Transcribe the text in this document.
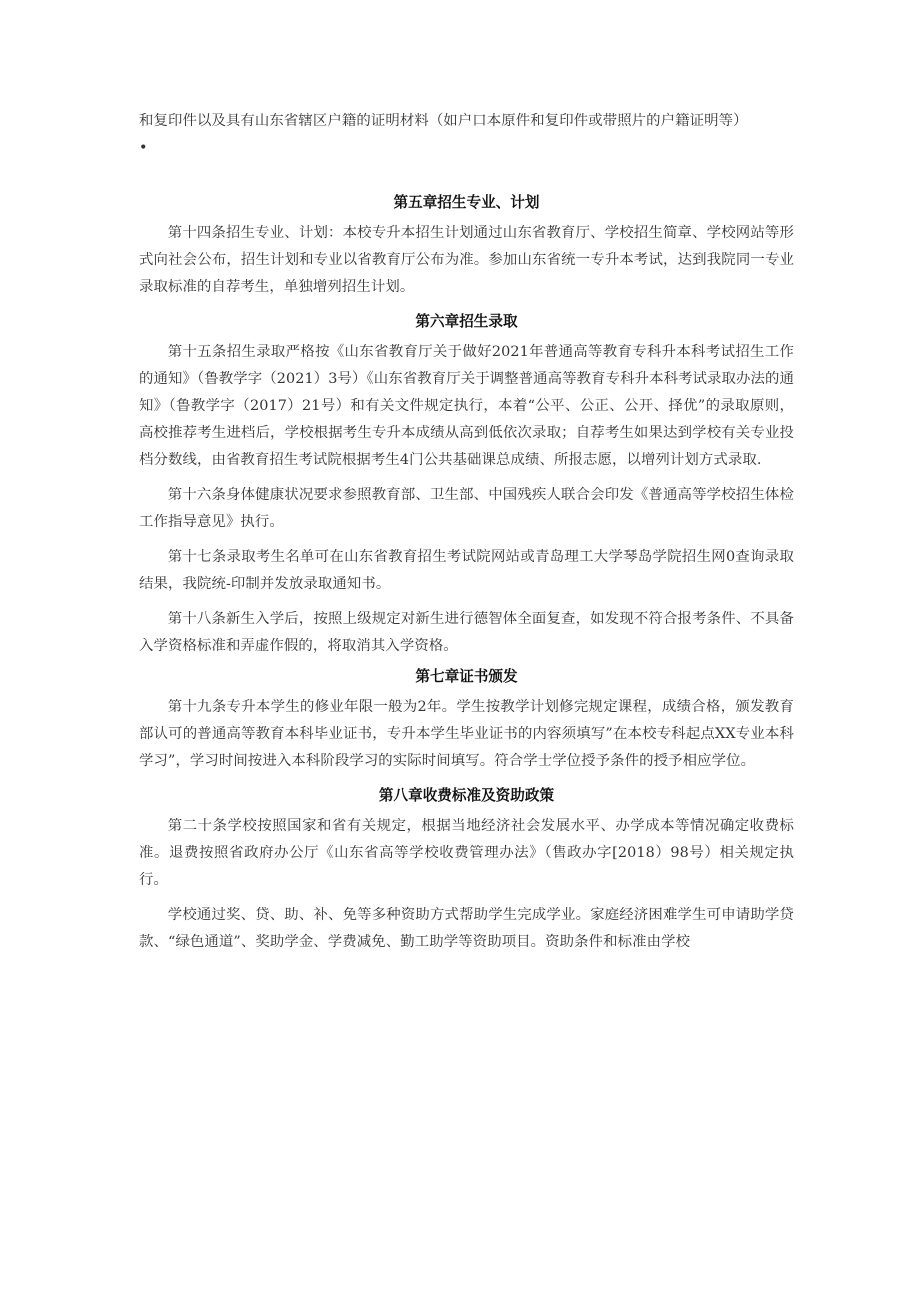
和复印件以及具有山东省辖区户籍的证明材料（如户口本原件和复印件或带照片的户籍证明等）

•

第五章招生专业、计划

第十四条招生专业、计划：本校专升本招生计划通过山东省教育厅、学校招生简章、学校网站等形式向社会公布，招生计划和专业以省教育厅公布为准。参加山东省统一专升本考试，达到我院同一专业录取标准的自荐考生，单独增列招生计划。

第六章招生录取

第十五条招生录取严格按《山东省教育厅关于做好2021年普通高等教育专科升本科考试招生工作的通知》（鲁教学字（2021）3号）《山东省教育厅关于调整普通高等教育专科升本科考试录取办法的通知》（鲁教学字（2017）21号）和有关文件规定执行，本着“公平、公正、公开、择优”的录取原则，高校推荐考生进档后，学校根据考生专升本成绩从高到低依次录取；自荐考生如果达到学校有关专业投档分数线，由省教育招生考试院根据考生4门公共基础课总成绩、所报志愿，以增列计划方式录取.

第十六条身体健康状况要求参照教育部、卫生部、中国残疾人联合会印发《普通高等学校招生体检工作指导意见》执行。

第十七条录取考生名单可在山东省教育招生考试院网站或青岛理工大学琴岛学院招生网0查询录取结果，我院统-印制并发放录取通知书。

第十八条新生入学后，按照上级规定对新生进行德智体全面复查，如发现不符合报考条件、不具备入学资格标准和弄虚作假的，将取消其入学资格。

第七章证书颁发

第十九条专升本学生的修业年限一般为2年。学生按教学计划修完规定课程，成绩合格，颁发教育部认可的普通高等教育本科毕业证书，专升本学生毕业证书的内容须填写”在本校专科起点XX专业本科学习”，学习时间按进入本科阶段学习的实际时间填写。符合学士学位授予条件的授予相应学位。

第八章收费标准及资助政策

第二十条学校按照国家和省有关规定，根据当地经济社会发展水平、办学成本等情况确定收费标准。退费按照省政府办公厅《山东省高等学校收费管理办法》（售政办字[2018）98号）相关规定执行。

学校通过奖、贷、助、补、免等多种资助方式帮助学生完成学业。家庭经济困难学生可申请助学贷款、“绿色通道”、奖助学金、学费减免、勤工助学等资助项目。资助条件和标准由学校
